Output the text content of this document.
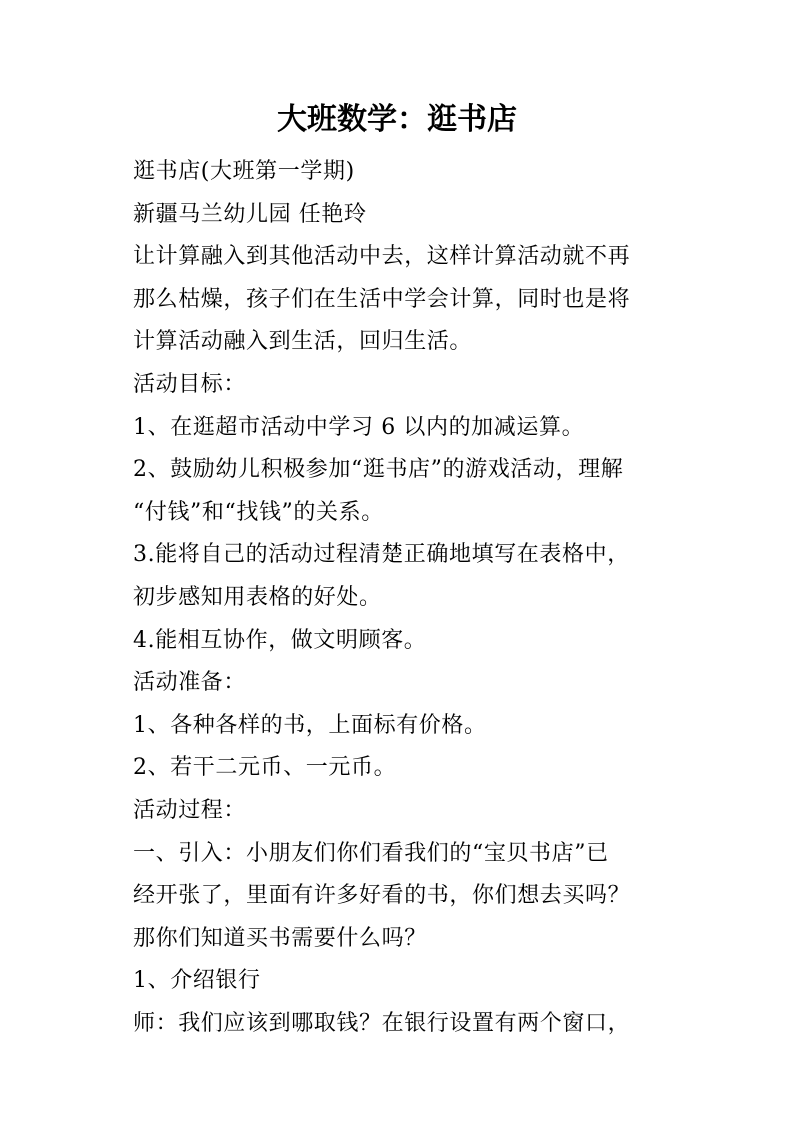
大班数学：逛书店
逛书店(大班第一学期)
新疆马兰幼儿园 任艳玲
让计算融入到其他活动中去，这样计算活动就不再
那么枯燥，孩子们在生活中学会计算，同时也是将
计算活动融入到生活，回归生活。
活动目标：
1、在逛超市活动中学习 6 以内的加减运算。
2、鼓励幼儿积极参加“逛书店”的游戏活动，理解
“付钱”和“找钱”的关系。
3.能将自己的活动过程清楚正确地填写在表格中，
初步感知用表格的好处。
4.能相互协作，做文明顾客。
活动准备：
1、各种各样的书，上面标有价格。
2、若干二元币、一元币。
活动过程：
一、引入：小朋友们你们看我们的“宝贝书店”已
经开张了，里面有许多好看的书，你们想去买吗？
那你们知道买书需要什么吗？
1、介绍银行
师：我们应该到哪取钱？在银行设置有两个窗口，
